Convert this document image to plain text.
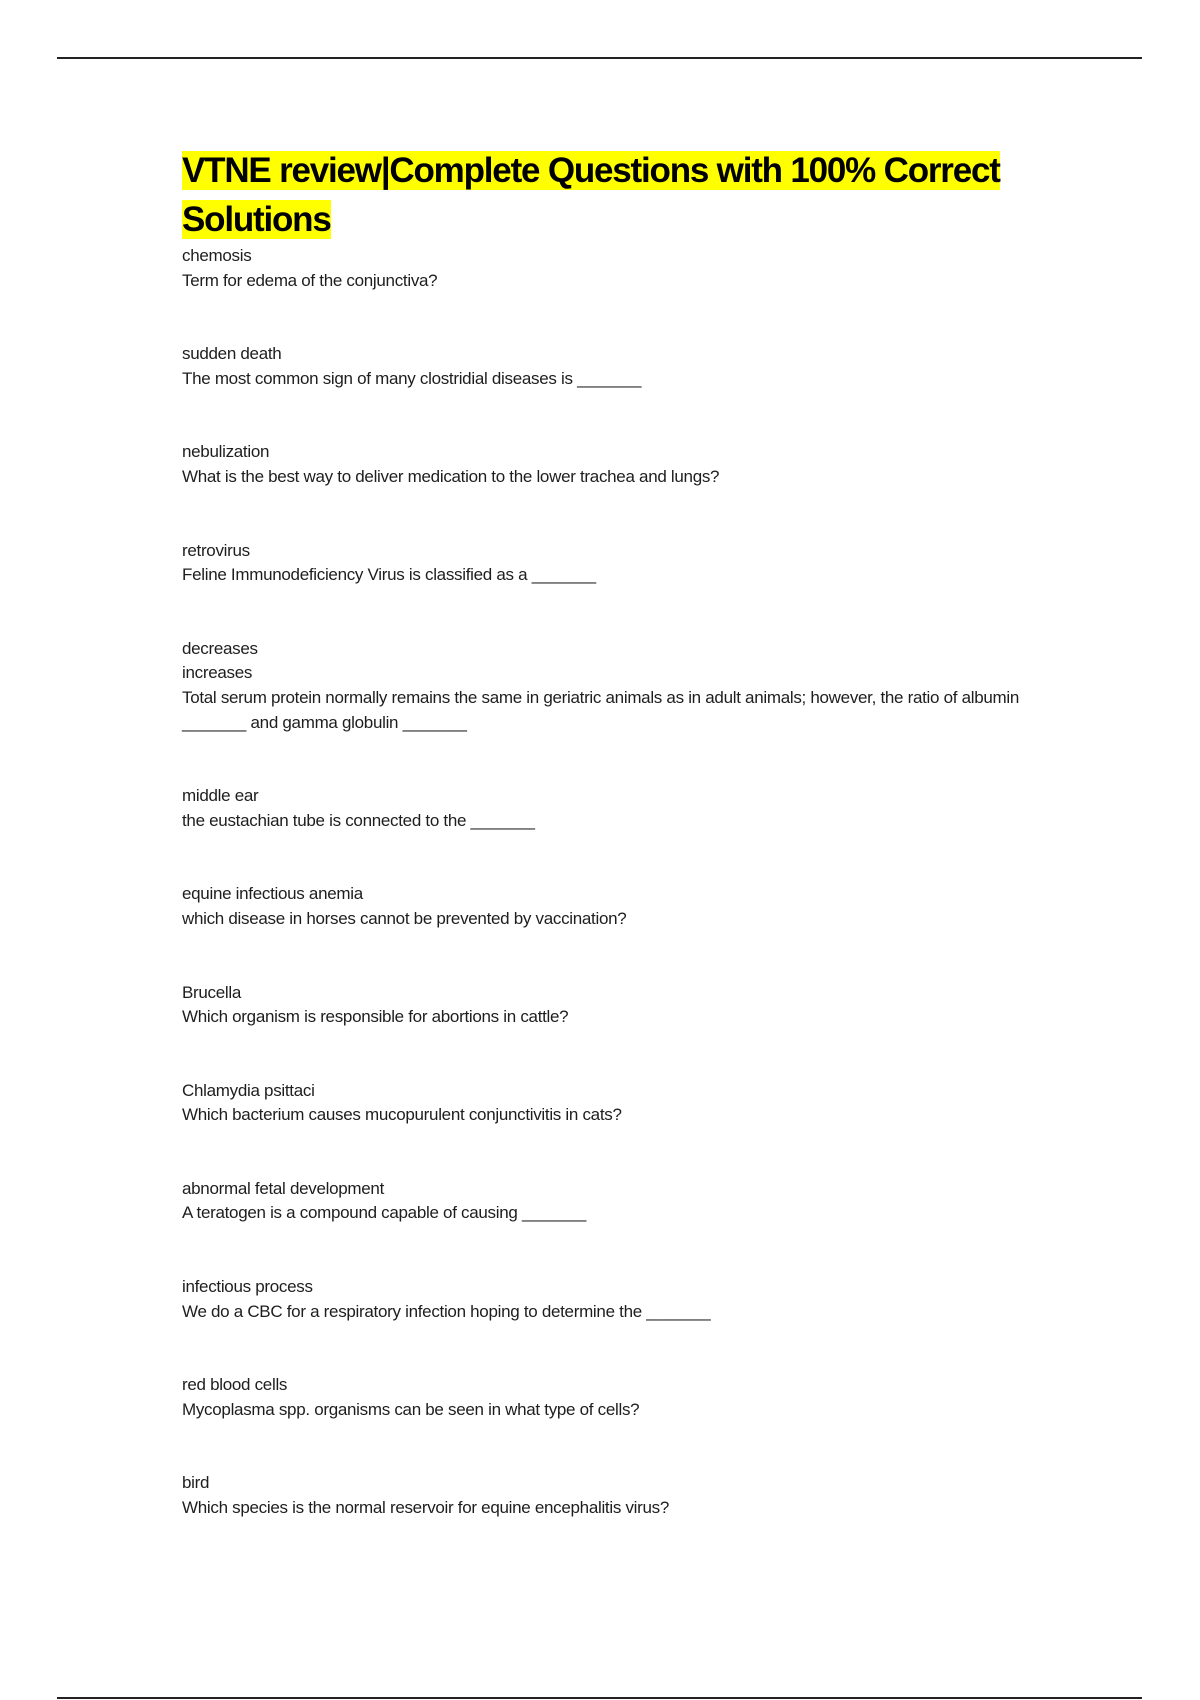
VTNE review|Complete Questions with 100% Correct Solutions
chemosis
Term for edema of the conjunctiva?
sudden death
The most common sign of many clostridial diseases is _______
nebulization
What is the best way to deliver medication to the lower trachea and lungs?
retrovirus
Feline Immunodeficiency Virus is classified as a _______
decreases
increases
Total serum protein normally remains the same in geriatric animals as in adult animals; however, the ratio of albumin _______ and gamma globulin _______
middle ear
the eustachian tube is connected to the _______
equine infectious anemia
which disease in horses cannot be prevented by vaccination?
Brucella
Which organism is responsible for abortions in cattle?
Chlamydia psittaci
Which bacterium causes mucopurulent conjunctivitis in cats?
abnormal fetal development
A teratogen is a compound capable of causing _______
infectious process
We do a CBC for a respiratory infection hoping to determine the _______
red blood cells
Mycoplasma spp. organisms can be seen in what type of cells?
bird
Which species is the normal reservoir for equine encephalitis virus?
